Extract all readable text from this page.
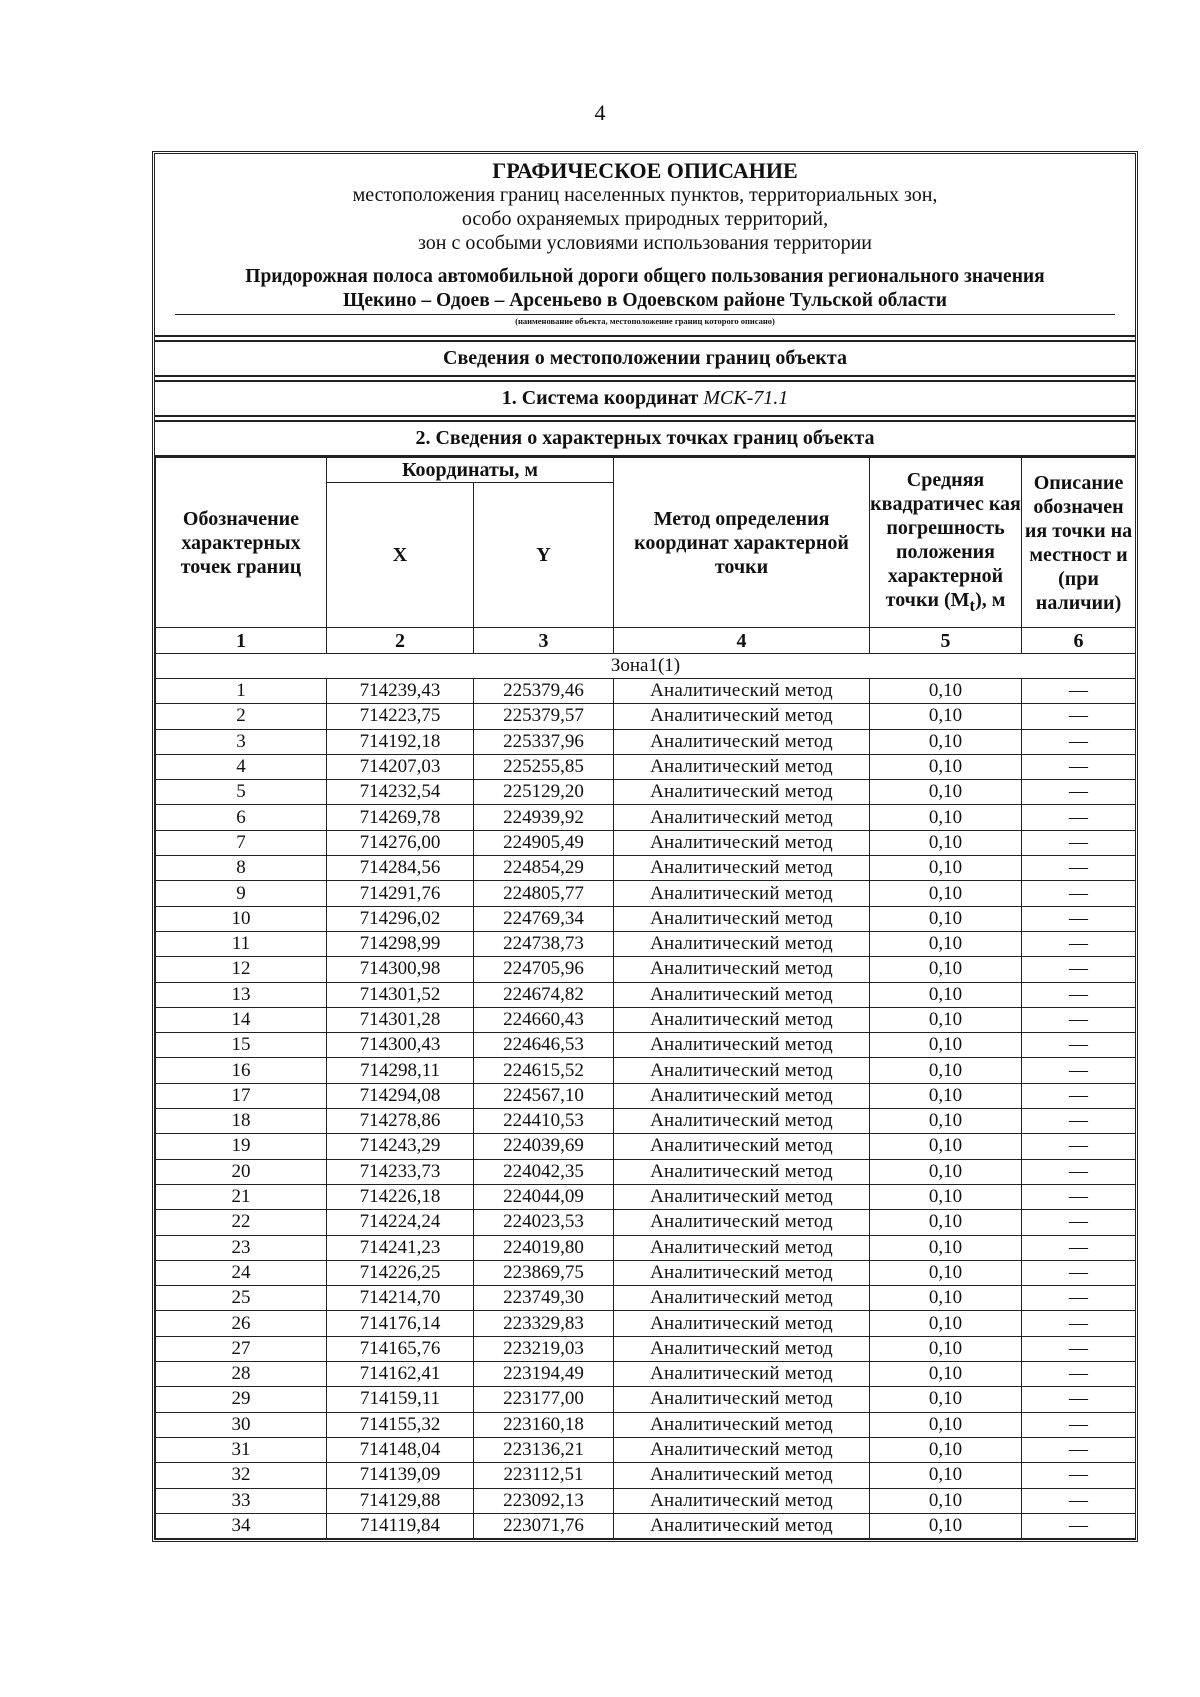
4
ГРАФИЧЕСКОЕ ОПИСАНИЕ
местоположения границ населенных пунктов, территориальных зон,
особо охраняемых природных территорий,
зон с особыми условиями использования территории
Придорожная полоса автомобильной дороги общего пользования регионального значения
Щекино – Одоев – Арсеньево в Одоевском районе Тульской области
(наименование объекта, местоположение границ которого описано)
Сведения о местоположении границ объекта
1. Система координат МСК-71.1
2. Сведения о характерных точках границ объекта
Обозначение характерных точек границ	Координаты, м		Метод определения координат характерной точки	Средняя квадратичес кая погрешность положения характерной точки $(M_t)$, м	Описание обозначен ия точки на местност и (при наличии)
	X	Y			
1	2	3	4	5	6
Зона1(1)					
1	714239,43	225379,46	Аналитический метод	0,10	—
2	714223,75	225379,57	Аналитический метод	0,10	—
3	714192,18	225337,96	Аналитический метод	0,10	—
4	714207,03	225255,85	Аналитический метод	0,10	—
5	714232,54	225129,20	Аналитический метод	0,10	—
6	714269,78	224939,92	Аналитический метод	0,10	—
7	714276,00	224905,49	Аналитический метод	0,10	—
8	714284,56	224854,29	Аналитический метод	0,10	—
9	714291,76	224805,77	Аналитический метод	0,10	—
10	714296,02	224769,34	Аналитический метод	0,10	—
11	714298,99	224738,73	Аналитический метод	0,10	—
12	714300,98	224705,96	Аналитический метод	0,10	—
13	714301,52	224674,82	Аналитический метод	0,10	—
14	714301,28	224660,43	Аналитический метод	0,10	—
15	714300,43	224646,53	Аналитический метод	0,10	—
16	714298,11	224615,52	Аналитический метод	0,10	—
17	714294,08	224567,10	Аналитический метод	0,10	—
18	714278,86	224410,53	Аналитический метод	0,10	—
19	714243,29	224039,69	Аналитический метод	0,10	—
20	714233,73	224042,35	Аналитический метод	0,10	—
21	714226,18	224044,09	Аналитический метод	0,10	—
22	714224,24	224023,53	Аналитический метод	0,10	—
23	714241,23	224019,80	Аналитический метод	0,10	—
24	714226,25	223869,75	Аналитический метод	0,10	—
25	714214,70	223749,30	Аналитический метод	0,10	—
26	714176,14	223329,83	Аналитический метод	0,10	—
27	714165,76	223219,03	Аналитический метод	0,10	—
28	714162,41	223194,49	Аналитический метод	0,10	—
29	714159,11	223177,00	Аналитический метод	0,10	—
30	714155,32	223160,18	Аналитический метод	0,10	—
31	714148,04	223136,21	Аналитический метод	0,10	—
32	714139,09	223112,51	Аналитический метод	0,10	—
33	714129,88	223092,13	Аналитический метод	0,10	—
34	714119,84	223071,76	Аналитический метод	0,10	—
